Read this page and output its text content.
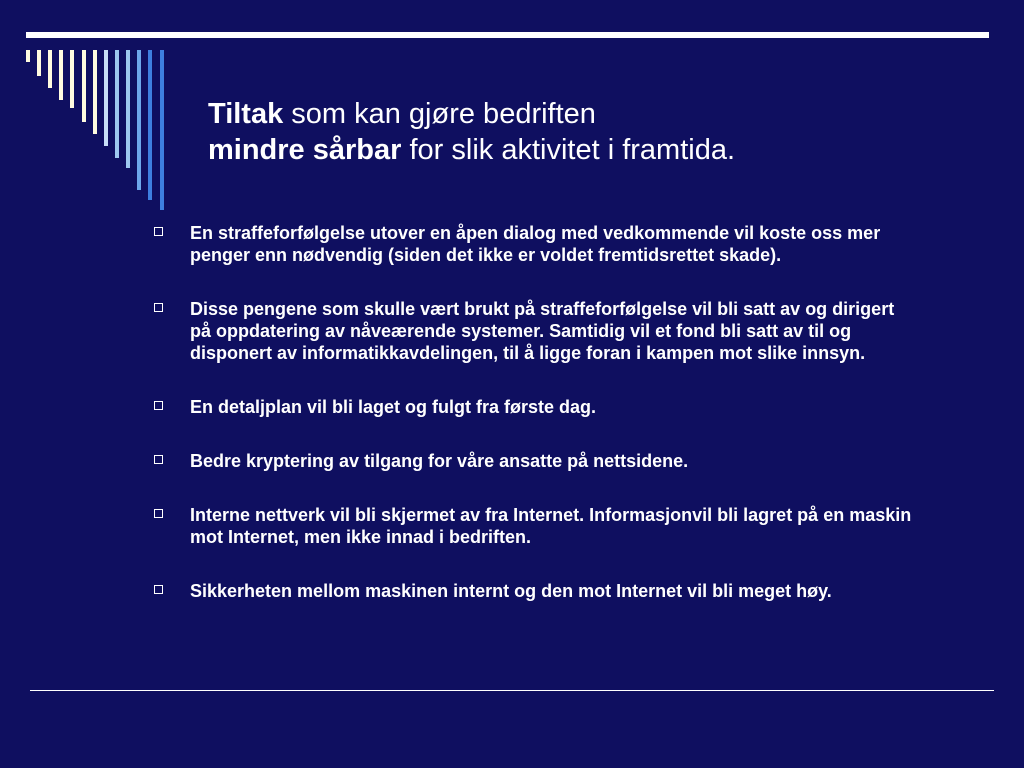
Tiltak som kan gjøre bedriften
mindre sårbar for slik aktivitet i framtida.
En straffeforfølgelse utover en åpen dialog med vedkommende vil koste oss mer penger enn nødvendig (siden det ikke er voldet fremtidsrettet skade).
Disse pengene som skulle vært brukt på straffeforfølgelse vil bli satt av og dirigert på oppdatering av nåveærende systemer. Samtidig vil et fond bli satt av til og disponert av informatikkavdelingen, til å ligge foran i kampen mot slike innsyn.
En detaljplan vil bli laget og fulgt fra første dag.
Bedre kryptering av tilgang for våre ansatte på nettsidene.
Interne nettverk vil bli skjermet av fra Internet. Informasjonvil bli lagret på en maskin mot Internet, men ikke innad i bedriften.
Sikkerheten mellom maskinen internt og den mot Internet vil bli meget høy.
